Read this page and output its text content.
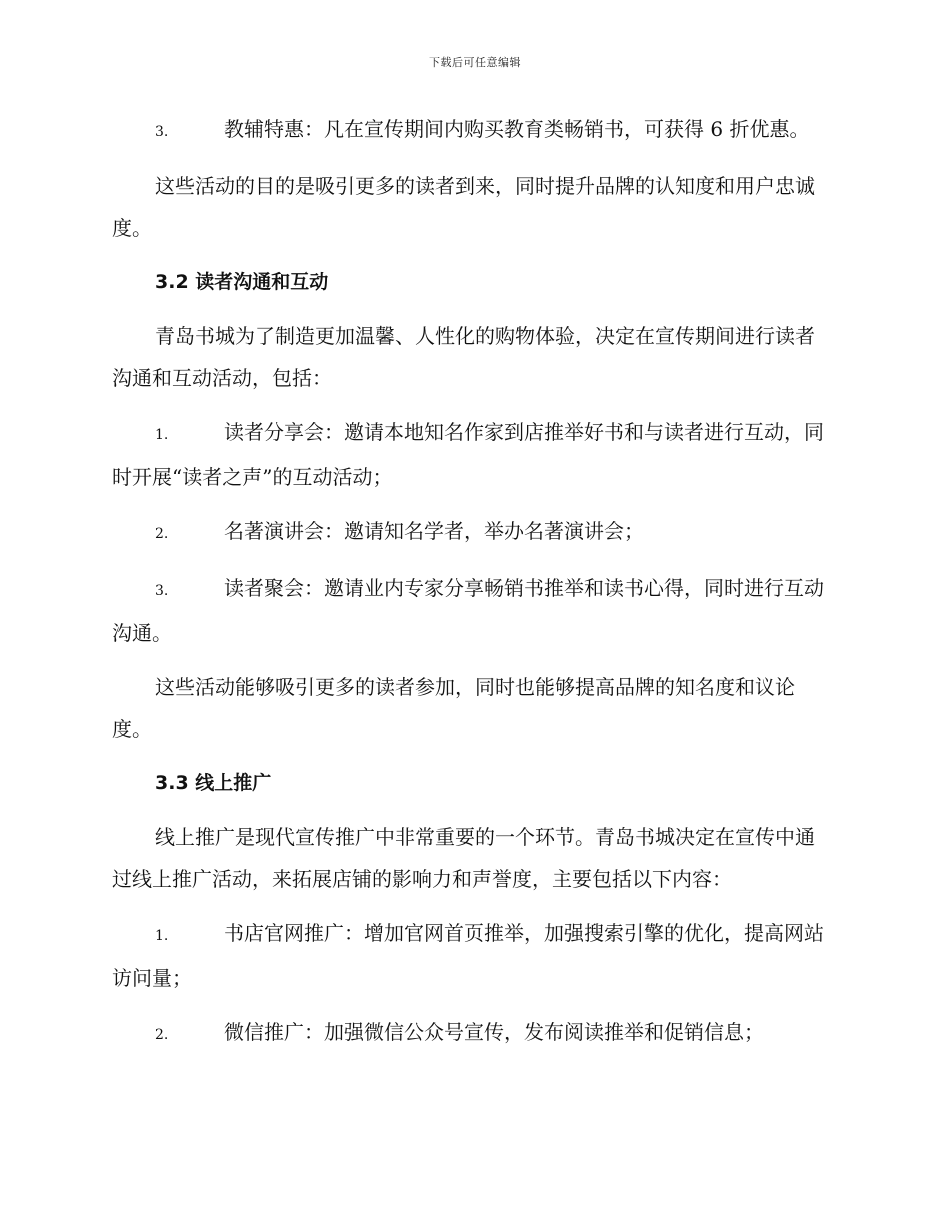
下载后可任意编辑

3.	教辅特惠：凡在宣传期间内购买教育类畅销书，可获得 6 折优惠。

这些活动的目的是吸引更多的读者到来，同时提升品牌的认知度和用户忠诚度。

3.2 读者沟通和互动

青岛书城为了制造更加温馨、人性化的购物体验，决定在宣传期间进行读者沟通和互动活动，包括：

1.	读者分享会：邀请本地知名作家到店推举好书和与读者进行互动，同时开展“读者之声”的互动活动；

2.	名著演讲会：邀请知名学者，举办名著演讲会；

3.	读者聚会：邀请业内专家分享畅销书推举和读书心得，同时进行互动沟通。

这些活动能够吸引更多的读者参加，同时也能够提高品牌的知名度和议论度。

3.3 线上推广

线上推广是现代宣传推广中非常重要的一个环节。青岛书城决定在宣传中通过线上推广活动，来拓展店铺的影响力和声誉度，主要包括以下内容：

1.	书店官网推广：增加官网首页推举，加强搜索引擎的优化，提高网站访问量；

2.	微信推广：加强微信公众号宣传，发布阅读推举和促销信息；
